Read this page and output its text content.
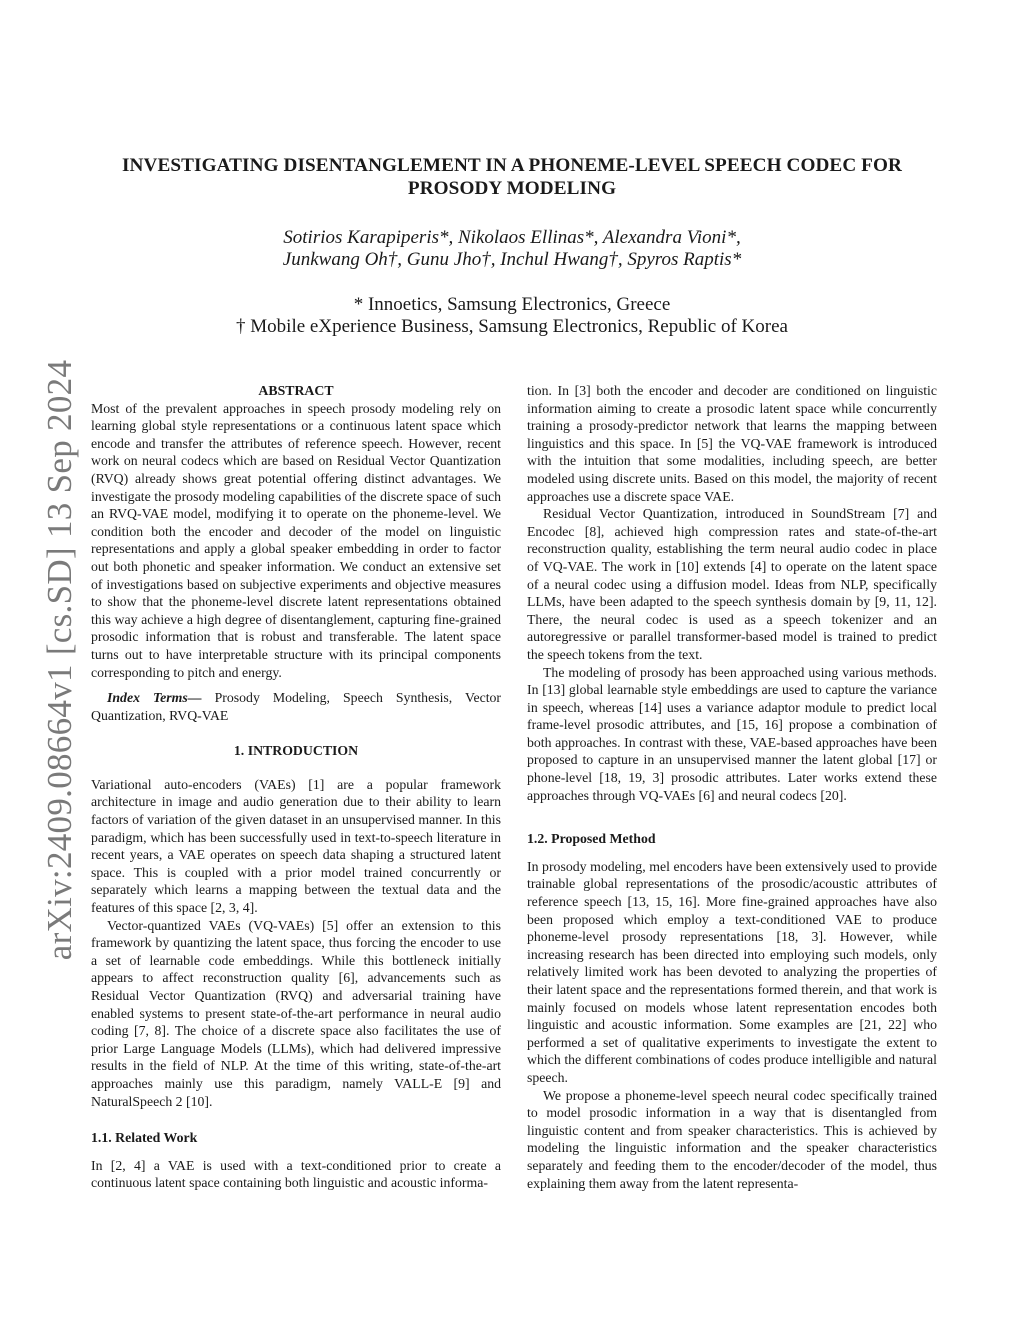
arXiv:2409.08664v1 [cs.SD] 13 Sep 2024
INVESTIGATING DISENTANGLEMENT IN A PHONEME-LEVEL SPEECH CODEC FOR
PROSODY MODELING
Sotirios Karapiperis*, Nikolaos Ellinas*, Alexandra Vioni*,
Junkwang Oh†, Gunu Jho†, Inchul Hwang†, Spyros Raptis*
* Innoetics, Samsung Electronics, Greece
† Mobile eXperience Business, Samsung Electronics, Republic of Korea
ABSTRACT

Most of the prevalent approaches in speech prosody modeling rely on learning global style representations or a continuous latent space which encode and transfer the attributes of reference speech. However, recent work on neural codecs which are based on Residual Vector Quantization (RVQ) already shows great potential offering distinct advantages. We investigate the prosody modeling capabilities of the discrete space of such an RVQ-VAE model, modifying it to operate on the phoneme-level. We condition both the encoder and decoder of the model on linguistic representations and apply a global speaker embedding in order to factor out both phonetic and speaker information. We conduct an extensive set of investigations based on subjective experiments and objective measures to show that the phoneme-level discrete latent representations obtained this way achieve a high degree of disentanglement, capturing fine-grained prosodic information that is robust and transferable. The latent space turns out to have interpretable structure with its principal components corresponding to pitch and energy.

Index Terms— Prosody Modeling, Speech Synthesis, Vector Quantization, RVQ-VAE

1. INTRODUCTION

Variational auto-encoders (VAEs) [1] are a popular framework architecture in image and audio generation due to their ability to learn factors of variation of the given dataset in an unsupervised manner. In this paradigm, which has been successfully used in text-to-speech literature in recent years, a VAE operates on speech data shaping a structured latent space. This is coupled with a prior model trained concurrently or separately which learns a mapping between the textual data and the features of this space [2, 3, 4].

Vector-quantized VAEs (VQ-VAEs) [5] offer an extension to this framework by quantizing the latent space, thus forcing the encoder to use a set of learnable code embeddings. While this bottleneck initially appears to affect reconstruction quality [6], advancements such as Residual Vector Quantization (RVQ) and adversarial training have enabled systems to present state-of-the-art performance in neural audio coding [7, 8]. The choice of a discrete space also facilitates the use of prior Large Language Models (LLMs), which had delivered impressive results in the field of NLP. At the time of this writing, state-of-the-art approaches mainly use this paradigm, namely VALL-E [9] and NaturalSpeech 2 [10].

1.1. Related Work

In [2, 4] a VAE is used with a text-conditioned prior to create a continuous latent space containing both linguistic and acoustic informa-

tion. In [3] both the encoder and decoder are conditioned on linguistic information aiming to create a prosodic latent space while concurrently training a prosody-predictor network that learns the mapping between linguistics and this space. In [5] the VQ-VAE framework is introduced with the intuition that some modalities, including speech, are better modeled using discrete units. Based on this model, the majority of recent approaches use a discrete space VAE.

Residual Vector Quantization, introduced in SoundStream [7] and Encodec [8], achieved high compression rates and state-of-the-art reconstruction quality, establishing the term neural audio codec in place of VQ-VAE. The work in [10] extends [4] to operate on the latent space of a neural codec using a diffusion model. Ideas from NLP, specifically LLMs, have been adapted to the speech synthesis domain by [9, 11, 12]. There, the neural codec is used as a speech tokenizer and an autoregressive or parallel transformer-based model is trained to predict the speech tokens from the text.

The modeling of prosody has been approached using various methods. In [13] global learnable style embeddings are used to capture the variance in speech, whereas [14] uses a variance adaptor module to predict local frame-level prosodic attributes, and [15, 16] propose a combination of both approaches. In contrast with these, VAE-based approaches have been proposed to capture in an unsupervised manner the latent global [17] or phone-level [18, 19, 3] prosodic attributes. Later works extend these approaches through VQ-VAEs [6] and neural codecs [20].

1.2. Proposed Method

In prosody modeling, mel encoders have been extensively used to provide trainable global representations of the prosodic/acoustic attributes of reference speech [13, 15, 16]. More fine-grained approaches have also been proposed which employ a text-conditioned VAE to produce phoneme-level prosody representations [18, 3]. However, while increasing research has been directed into employing such models, only relatively limited work has been devoted to analyzing the properties of their latent space and the representations formed therein, and that work is mainly focused on models whose latent representation encodes both linguistic and acoustic information. Some examples are [21, 22] who performed a set of qualitative experiments to investigate the extent to which the different combinations of codes produce intelligible and natural speech.

We propose a phoneme-level speech neural codec specifically trained to model prosodic information in a way that is disentangled from linguistic content and from speaker characteristics. This is achieved by modeling the linguistic information and the speaker characteristics separately and feeding them to the encoder/decoder of the model, thus explaining them away from the latent representa-
